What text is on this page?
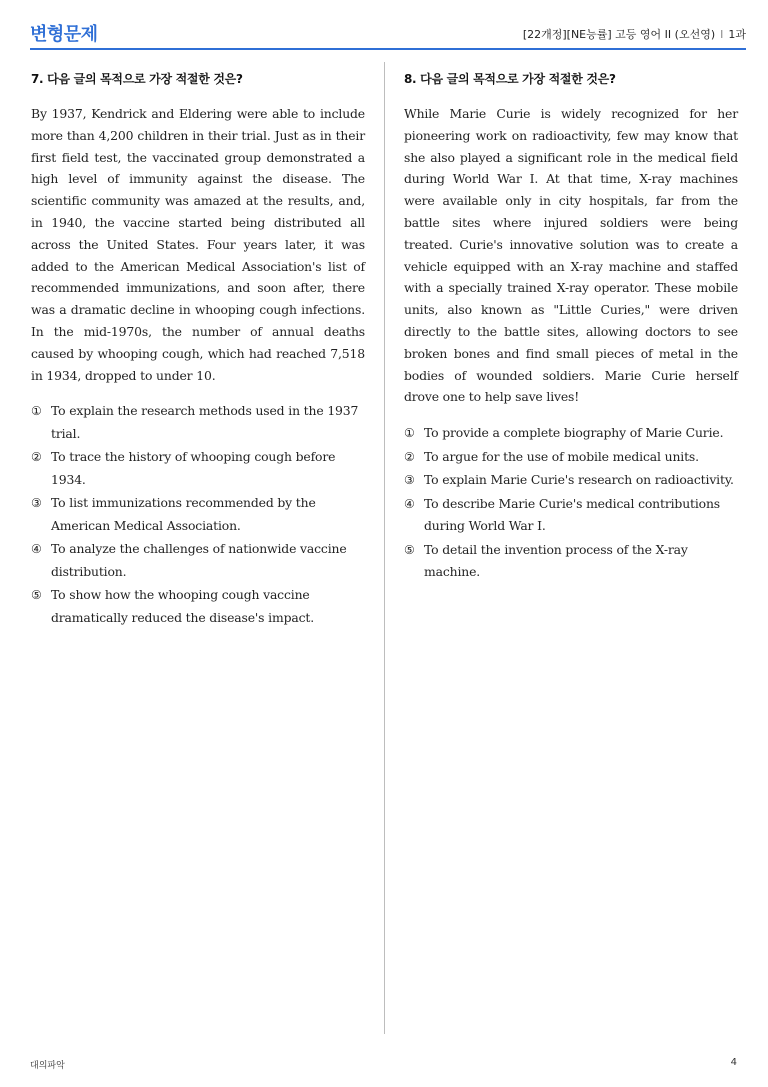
변형문제	[22개정][NE능률] 고등 영어 II (오선영) I 1과
7. 다음 글의 목적으로 가장 적절한 것은?

By 1937, Kendrick and Eldering were able to include more than 4,200 children in their trial. Just as in their first field test, the vaccinated group demonstrated a high level of immunity against the disease. The scientific community was amazed at the results, and, in 1940, the vaccine started being distributed all across the United States. Four years later, it was added to the American Medical Association's list of recommended immunizations, and soon after, there was a dramatic decline in whooping cough infections. In the mid-1970s, the number of annual deaths caused by whooping cough, which had reached 7,518 in 1934, dropped to under 10.

① To explain the research methods used in the 1937 trial.
② To trace the history of whooping cough before 1934.
③ To list immunizations recommended by the American Medical Association.
④ To analyze the challenges of nationwide vaccine distribution.
⑤ To show how the whooping cough vaccine dramatically reduced the disease's impact.
8. 다음 글의 목적으로 가장 적절한 것은?

While Marie Curie is widely recognized for her pioneering work on radioactivity, few may know that she also played a significant role in the medical field during World War I. At that time, X-ray machines were available only in city hospitals, far from the battle sites where injured soldiers were being treated. Curie's innovative solution was to create a vehicle equipped with an X-ray machine and staffed with a specially trained X-ray operator. These mobile units, also known as "Little Curies," were driven directly to the battle sites, allowing doctors to see broken bones and find small pieces of metal in the bodies of wounded soldiers. Marie Curie herself drove one to help save lives!

① To provide a complete biography of Marie Curie.
② To argue for the use of mobile medical units.
③ To explain Marie Curie's research on radioactivity.
④ To describe Marie Curie's medical contributions during World War I.
⑤ To detail the invention process of the X-ray machine.
대의파악	4
